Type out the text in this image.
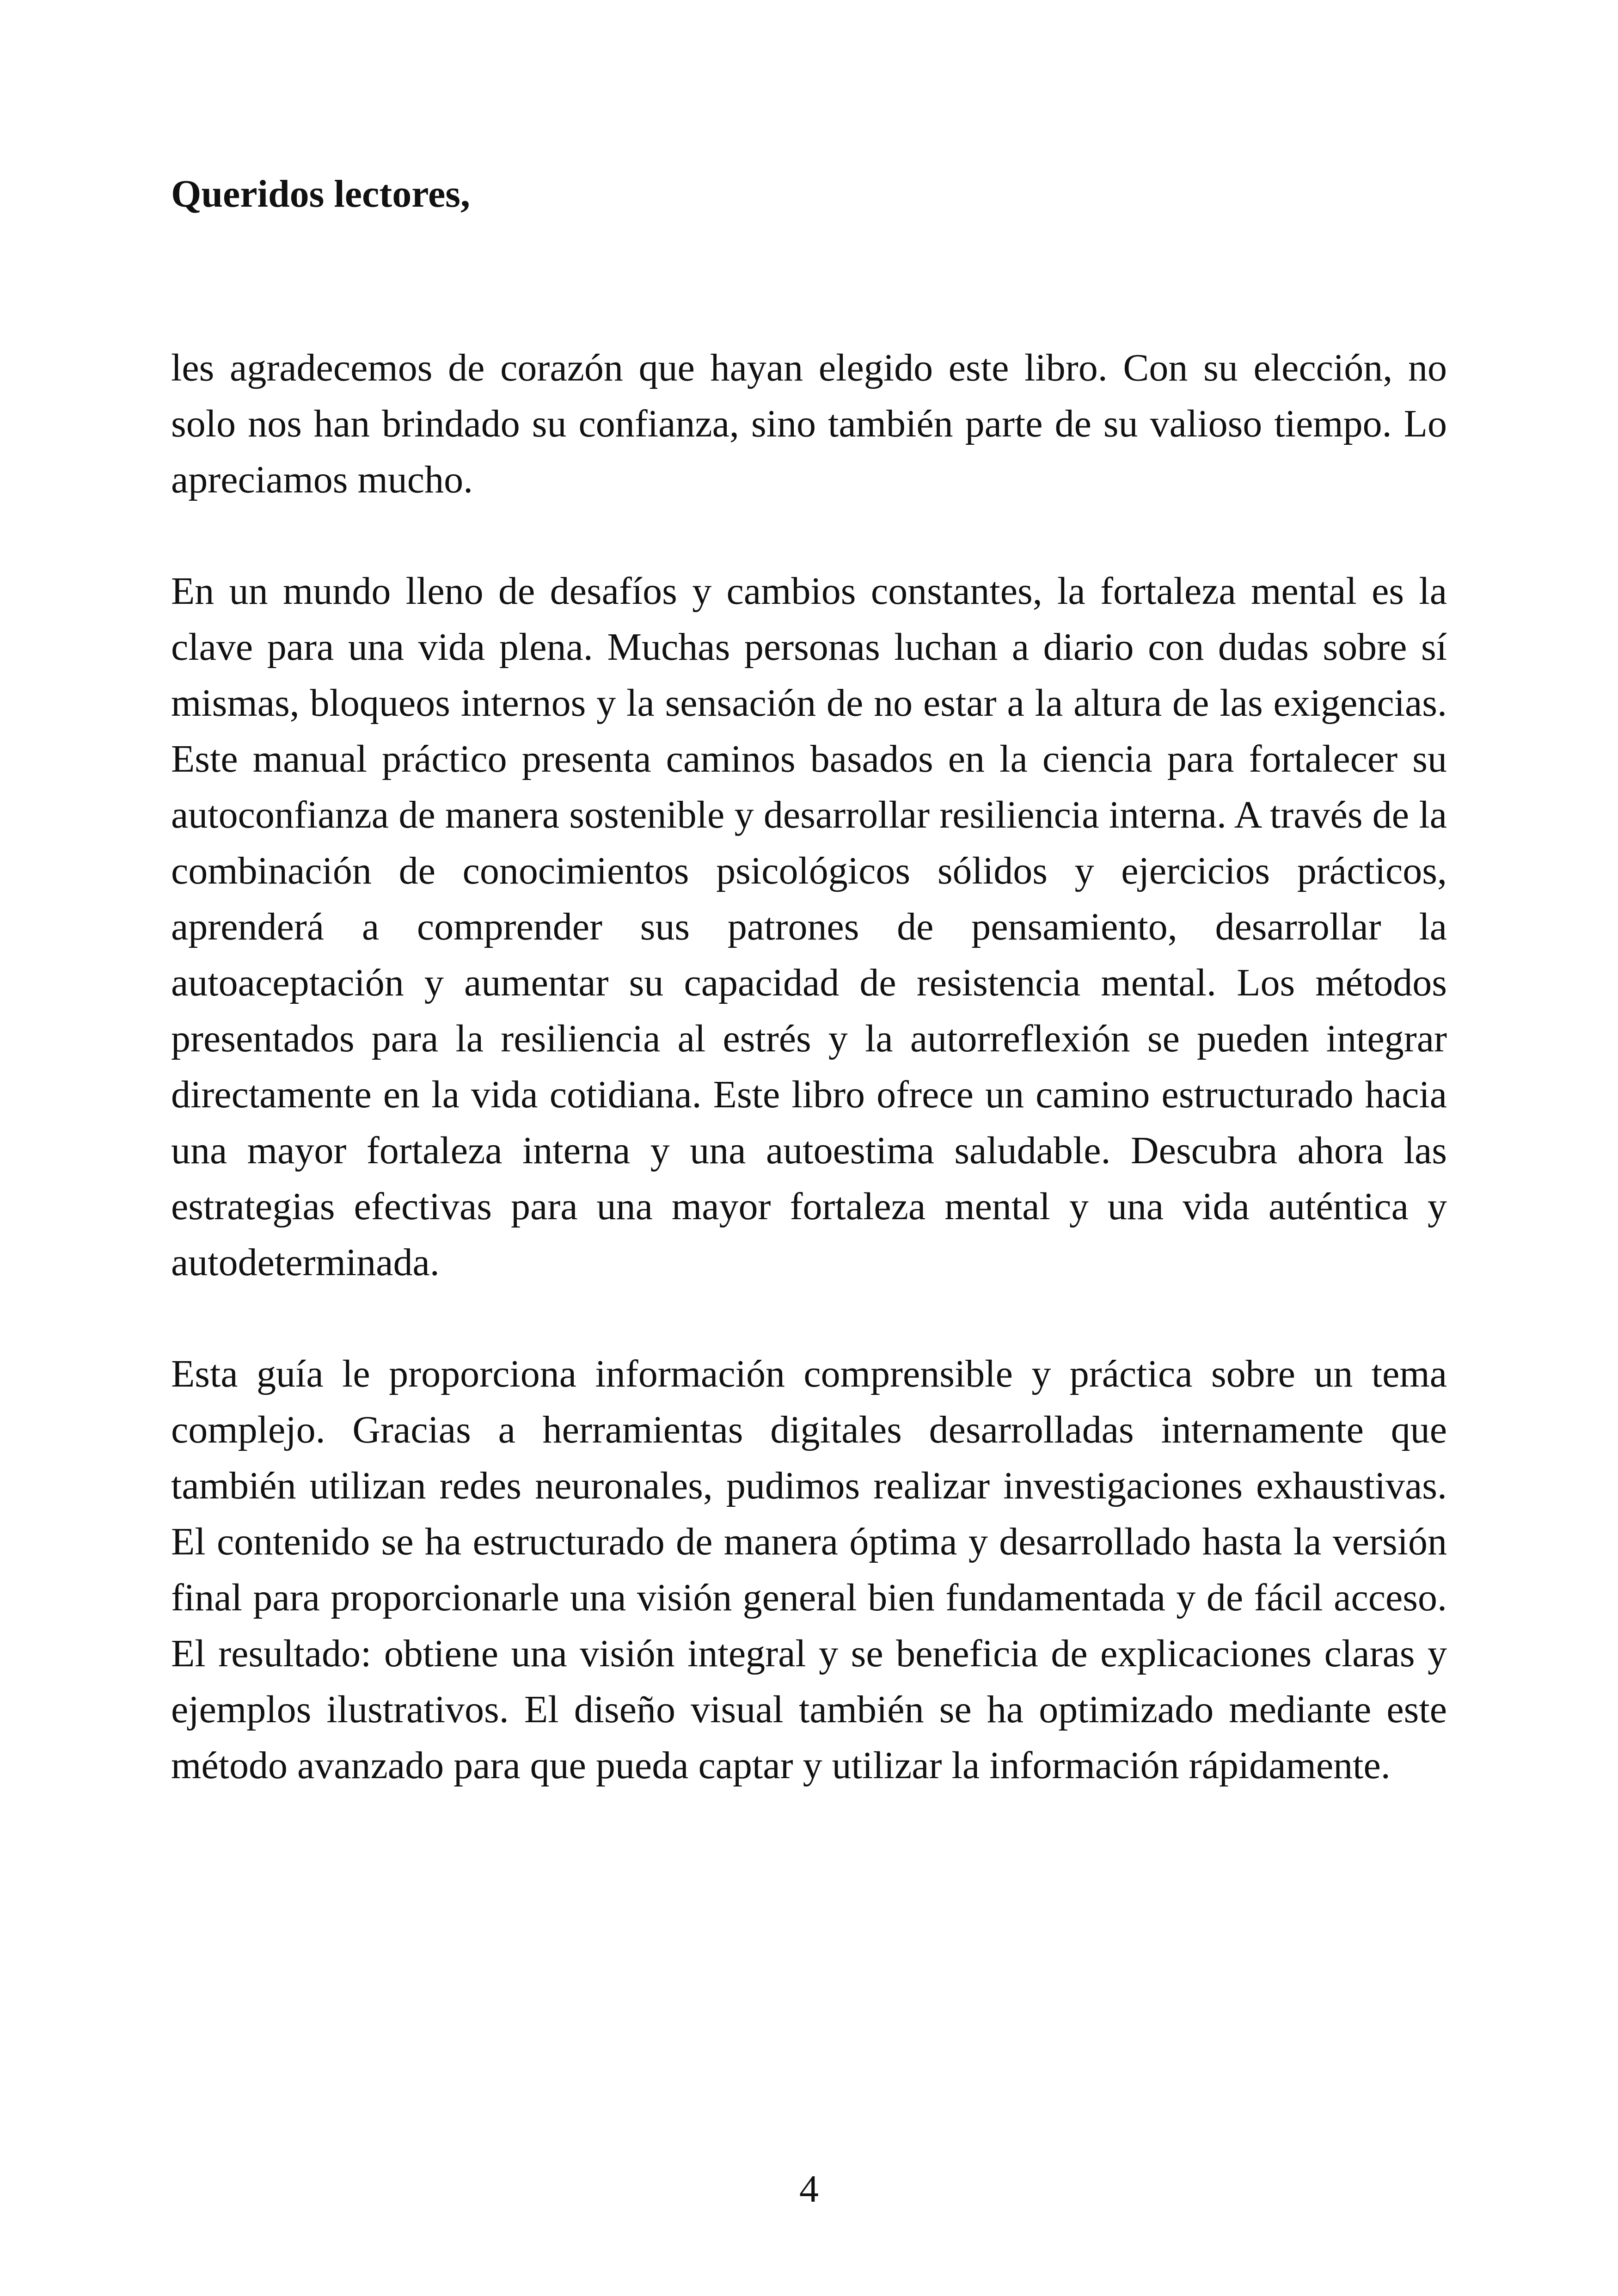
Queridos lectores,

les agradecemos de corazón que hayan elegido este libro. Con su elección, no solo nos han brindado su confianza, sino también parte de su valioso tiempo. Lo apreciamos mucho.

En un mundo lleno de desafíos y cambios constantes, la fortaleza mental es la clave para una vida plena. Muchas personas luchan a diario con dudas sobre sí mismas, bloqueos internos y la sensación de no estar a la altura de las exigencias. Este manual práctico presenta caminos basados en la ciencia para fortalecer su autoconfianza de manera sostenible y desarrollar resiliencia interna. A través de la combinación de conocimientos psicológicos sólidos y ejercicios prácticos, aprenderá a comprender sus patrones de pensamiento, desarrollar la autoaceptación y aumentar su capacidad de resistencia mental. Los métodos presentados para la resiliencia al estrés y la autorreflexión se pueden integrar directamente en la vida cotidiana. Este libro ofrece un camino estructurado hacia una mayor fortaleza interna y una autoestima saludable. Descubra ahora las estrategias efectivas para una mayor fortaleza mental y una vida auténtica y autodeterminada.

Esta guía le proporciona información comprensible y práctica sobre un tema complejo. Gracias a herramientas digitales desarrolladas internamente que también utilizan redes neuronales, pudimos realizar investigaciones exhaustivas. El contenido se ha estructurado de manera óptima y desarrollado hasta la versión final para proporcionarle una visión general bien fundamentada y de fácil acceso. El resultado: obtiene una visión integral y se beneficia de explicaciones claras y ejemplos ilustrativos. El diseño visual también se ha optimizado mediante este método avanzado para que pueda captar y utilizar la información rápidamente.

4
